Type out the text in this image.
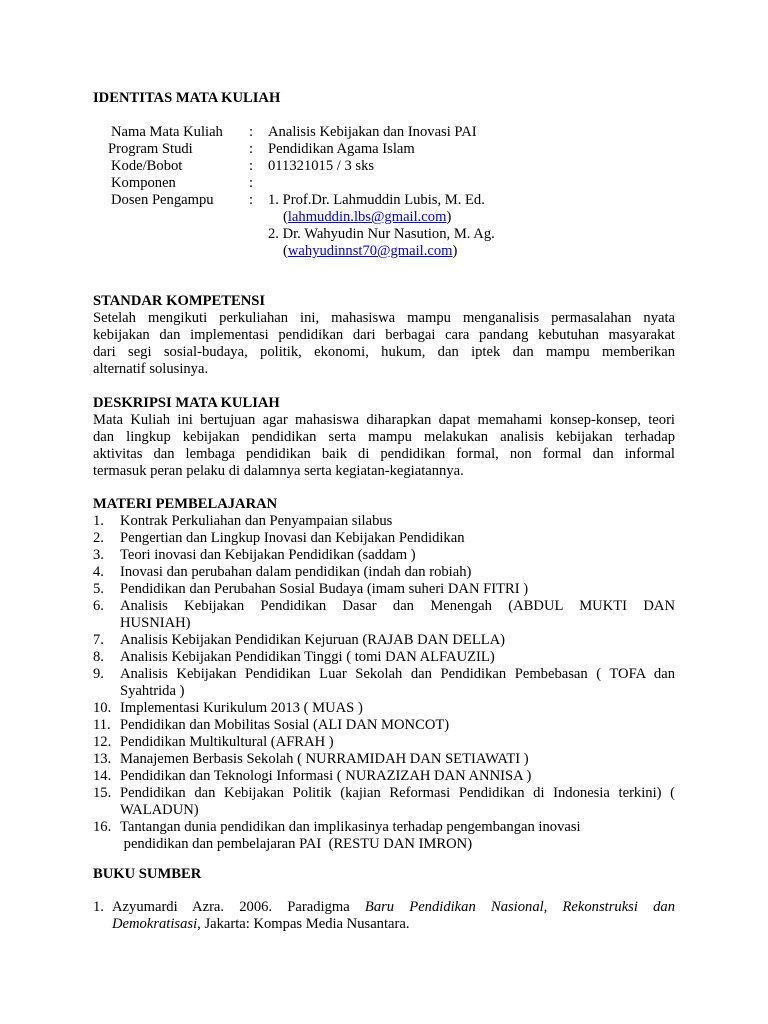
IDENTITAS MATA KULIAH
Nama Mata Kuliah : Analisis Kebijakan dan Inovasi PAI
Program Studi	: Pendidikan Agama Islam
Kode/Bobot	: 011321015 / 3 sks
Komponen	:
Dosen Pengampu : 1. Prof.Dr. Lahmuddin Lubis, M. Ed.
(lahmuddin.lbs@gmail.com)
2. Dr. Wahyudin Nur Nasution, M. Ag.
(wahyudinnst70@gmail.com)
STANDAR KOMPETENSI
Setelah mengikuti perkuliahan ini, mahasiswa mampu menganalisis permasalahan nyata
kebijakan dan implementasi pendidikan dari berbagai cara pandang kebutuhan masyarakat
dari segi sosial-budaya, politik, ekonomi, hukum, dan iptek dan mampu memberikan
alternatif solusinya.
DESKRIPSI MATA KULIAH
Mata Kuliah ini bertujuan agar mahasiswa diharapkan dapat memahami konsep-konsep, teori
dan lingkup kebijakan pendidikan serta mampu melakukan analisis kebijakan terhadap
aktivitas dan lembaga pendidikan baik di pendidikan formal, non formal dan informal
termasuk peran pelaku di dalamnya serta kegiatan-kegiatannya.
MATERI PEMBELAJARAN
1. Kontrak Perkuliahan dan Penyampaian silabus
2. Pengertian dan Lingkup Inovasi dan Kebijakan Pendidikan
3. Teori inovasi dan Kebijakan Pendidikan (saddam )
4. Inovasi dan perubahan dalam pendidikan (indah dan robiah)
5. Pendidikan dan Perubahan Sosial Budaya (imam suheri DAN FITRI )
6. Analisis Kebijakan Pendidikan Dasar dan Menengah (ABDUL MUKTI DAN
HUSNIAH)
7. Analisis Kebijakan Pendidikan Kejuruan (RAJAB DAN DELLA)
8. Analisis Kebijakan Pendidikan Tinggi ( tomi DAN ALFAUZIL)
9. Analisis Kebijakan Pendidikan Luar Sekolah dan Pendidikan Pembebasan ( TOFA dan
Syahtrida )
10. Implementasi Kurikulum 2013 ( MUAS )
11. Pendidikan dan Mobilitas Sosial (ALI DAN MONCOT)
12. Pendidikan Multikultural (AFRAH )
13. Manajemen Berbasis Sekolah ( NURRAMIDAH DAN SETIAWATI )
14. Pendidikan dan Teknologi Informasi ( NURAZIZAH DAN ANNISA )
15. Pendidikan dan Kebijakan Politik (kajian Reformasi Pendidikan di Indonesia terkini) (
WALADUN)
16. Tantangan dunia pendidikan dan implikasinya terhadap pengembangan inovasi
pendidikan dan pembelajaran PAI  (RESTU DAN IMRON)
BUKU SUMBER
1. Azyumardi Azra. 2006. Paradigma Baru Pendidikan Nasional, Rekonstruksi dan
Demokratisasi, Jakarta: Kompas Media Nusantara.
